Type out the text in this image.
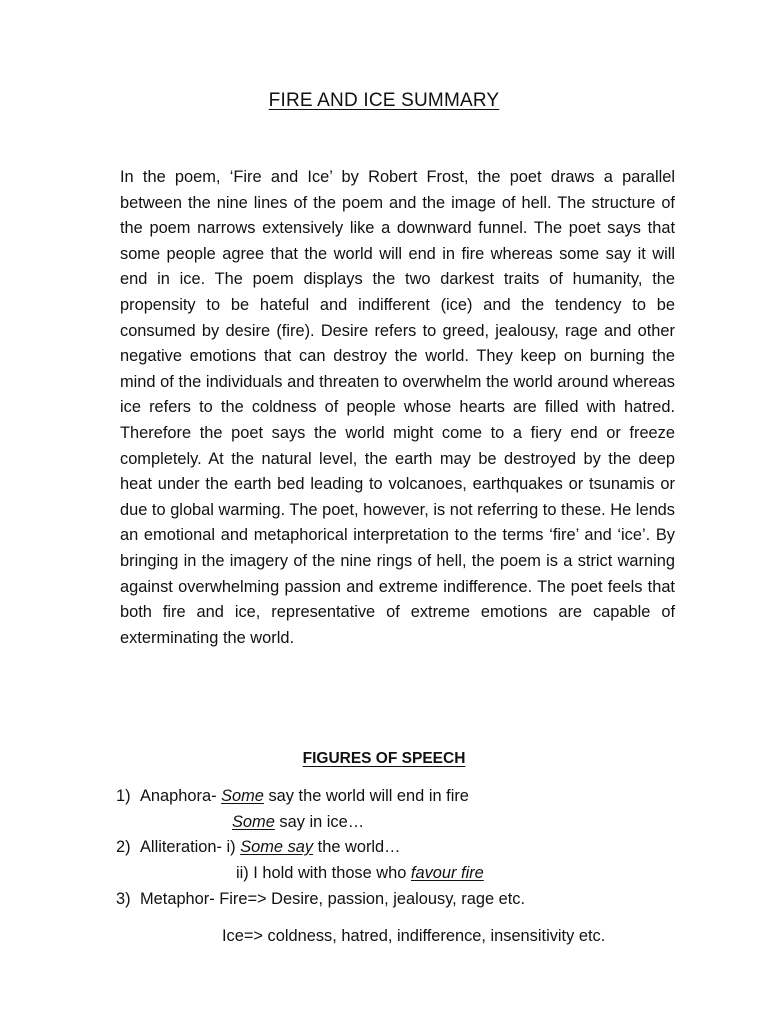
FIRE AND ICE SUMMARY
In the poem, ‘Fire and Ice’ by Robert Frost, the poet draws a parallel between the nine lines of the poem and the image of hell. The structure of the poem narrows extensively like a downward funnel. The poet says that some people agree that the world will end in fire whereas some say it will end in ice. The poem displays the two darkest traits of humanity, the propensity to be hateful and indifferent (ice) and the tendency to be consumed by desire (fire). Desire refers to greed, jealousy, rage and other negative emotions that can destroy the world. They keep on burning the mind of the individuals and threaten to overwhelm the world around whereas ice refers to the coldness of people whose hearts are filled with hatred. Therefore the poet says the world might come to a fiery end or freeze completely. At the natural level, the earth may be destroyed by the deep heat under the earth bed leading to volcanoes, earthquakes or tsunamis or due to global warming. The poet, however, is not referring to these. He lends an emotional and metaphorical interpretation to the terms ‘fire’ and ‘ice’. By bringing in the imagery of the nine rings of hell, the poem is a strict warning against overwhelming passion and extreme indifference. The poet feels that both fire and ice, representative of extreme emotions are capable of exterminating the world.
FIGURES OF SPEECH
1) Anaphora- Some say the world will end in fire
Some say in ice…
2) Alliteration- i) Some say the world…
ii) I hold with those who favour fire
3) Metaphor- Fire=> Desire, passion, jealousy, rage etc.
Ice=> coldness, hatred, indifference, insensitivity etc.
